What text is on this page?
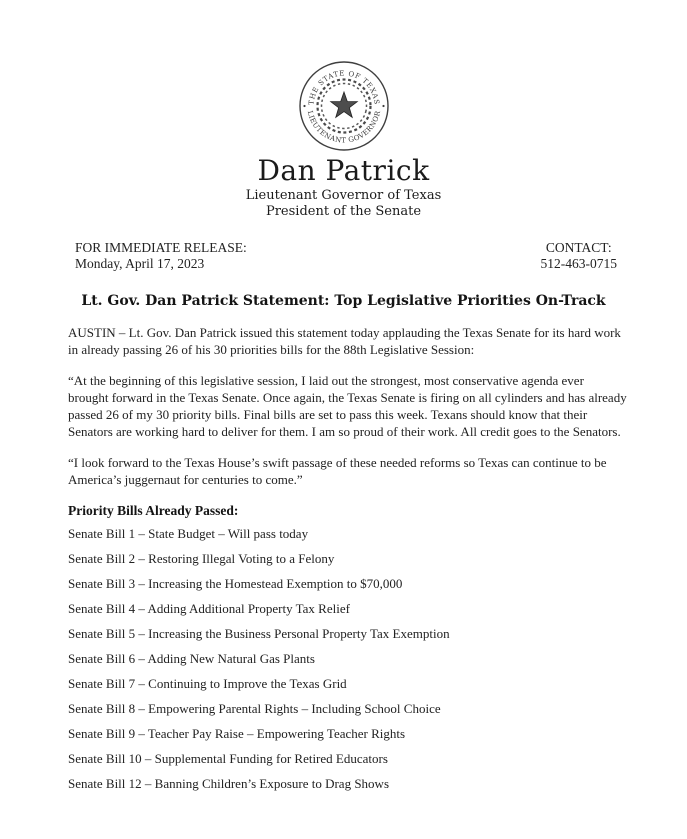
THE STATE OF TEXAS
LIEUTENANT GOVERNOR
Dan Patrick
Lieutenant Governor of Texas
President of the Senate
FOR IMMEDIATE RELEASE:
Monday, April 17, 2023
CONTACT:
512-463-0715
Lt. Gov. Dan Patrick Statement: Top Legislative Priorities On-Track

AUSTIN – Lt. Gov. Dan Patrick issued this statement today applauding the Texas Senate for its hard work in already passing 26 of his 30 priorities bills for the 88th Legislative Session:

“At the beginning of this legislative session, I laid out the strongest, most conservative agenda ever brought forward in the Texas Senate. Once again, the Texas Senate is firing on all cylinders and has already passed 26 of my 30 priority bills. Final bills are set to pass this week. Texans should know that their Senators are working hard to deliver for them. I am so proud of their work. All credit goes to the Senators.

“I look forward to the Texas House’s swift passage of these needed reforms so Texas can continue to be America’s juggernaut for centuries to come.”

Priority Bills Already Passed:

Senate Bill 1 – State Budget – Will pass today
Senate Bill 2 – Restoring Illegal Voting to a Felony
Senate Bill 3 – Increasing the Homestead Exemption to $70,000
Senate Bill 4 – Adding Additional Property Tax Relief
Senate Bill 5 – Increasing the Business Personal Property Tax Exemption
Senate Bill 6 – Adding New Natural Gas Plants
Senate Bill 7 – Continuing to Improve the Texas Grid
Senate Bill 8 – Empowering Parental Rights – Including School Choice
Senate Bill 9 – Teacher Pay Raise – Empowering Teacher Rights
Senate Bill 10 – Supplemental Funding for Retired Educators
Senate Bill 12 – Banning Children’s Exposure to Drag Shows
